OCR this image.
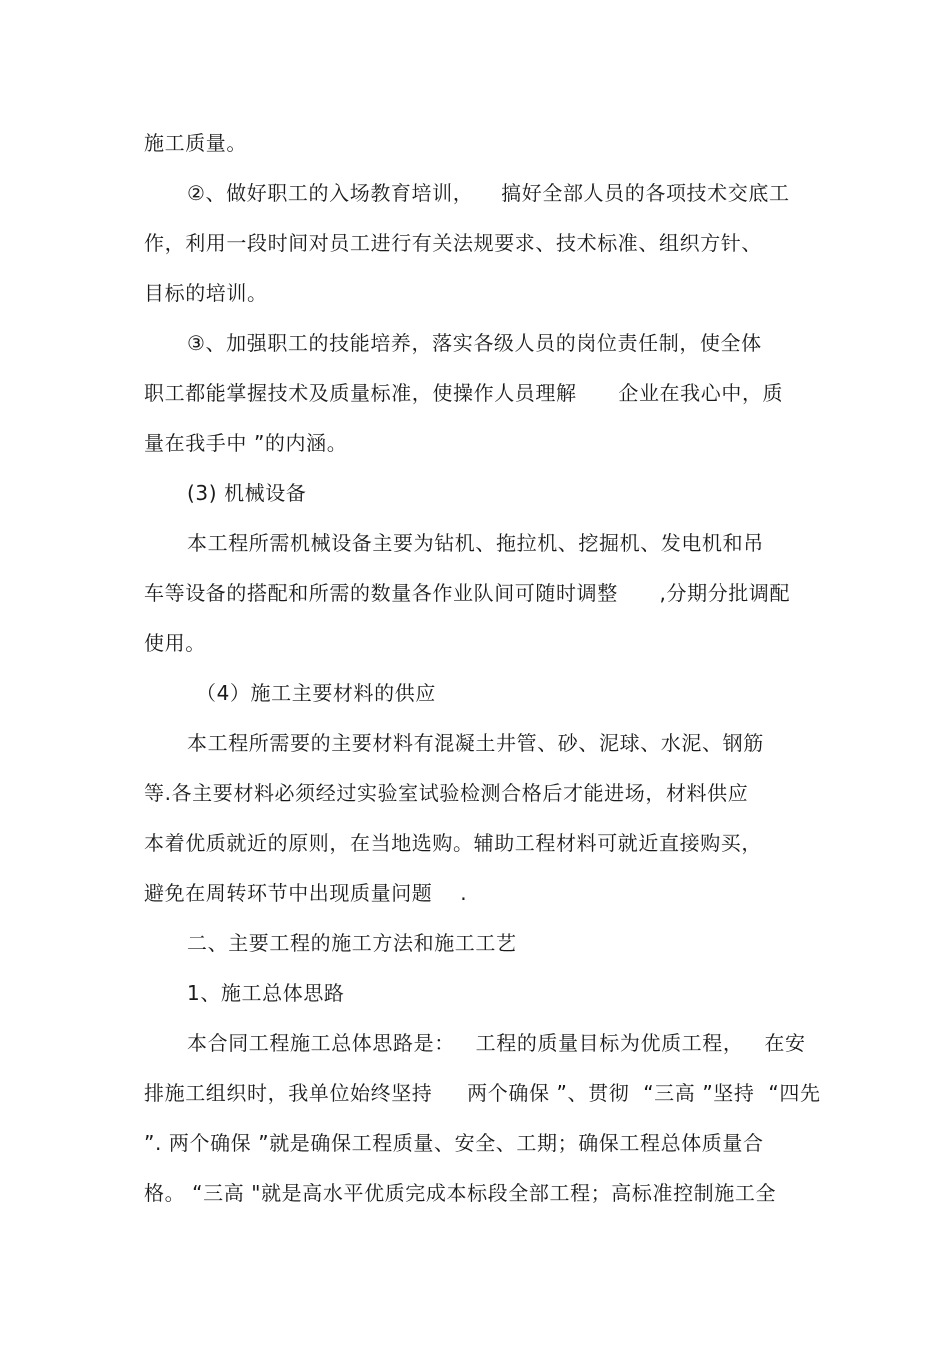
施工质量。
②、做好职工的入场教育培训，    搞好全部人员的各项技术交底工
作，利用一段时间对员工进行有关法规要求、技术标准、组织方针、
目标的培训。
③、加强职工的技能培养，落实各级人员的岗位责任制，使全体
职工都能掌握技术及质量标准，使操作人员理解      企业在我心中，质
量在我手中 ”的内涵。
(3) 机械设备
本工程所需机械设备主要为钻机、拖拉机、挖掘机、发电机和吊
车等设备的搭配和所需的数量各作业队间可随时调整      ,分期分批调配
使用。
（4）施工主要材料的供应
本工程所需要的主要材料有混凝土井管、砂、泥球、水泥、钢筋
等.各主要材料必须经过实验室试验检测合格后才能进场，材料供应
本着优质就近的原则，在当地选购。辅助工程材料可就近直接购买，
避免在周转环节中出现质量问题    .
二、主要工程的施工方法和施工工艺
1、施工总体思路
本合同工程施工总体思路是：   工程的质量目标为优质工程，   在安
排施工组织时，我单位始终坚持     两个确保 ”、贯彻  “三高 ”坚持  “四先
”. 两个确保 ”就是确保工程质量、安全、工期；确保工程总体质量合
格。 “三高 "就是高水平优质完成本标段全部工程；高标准控制施工全
